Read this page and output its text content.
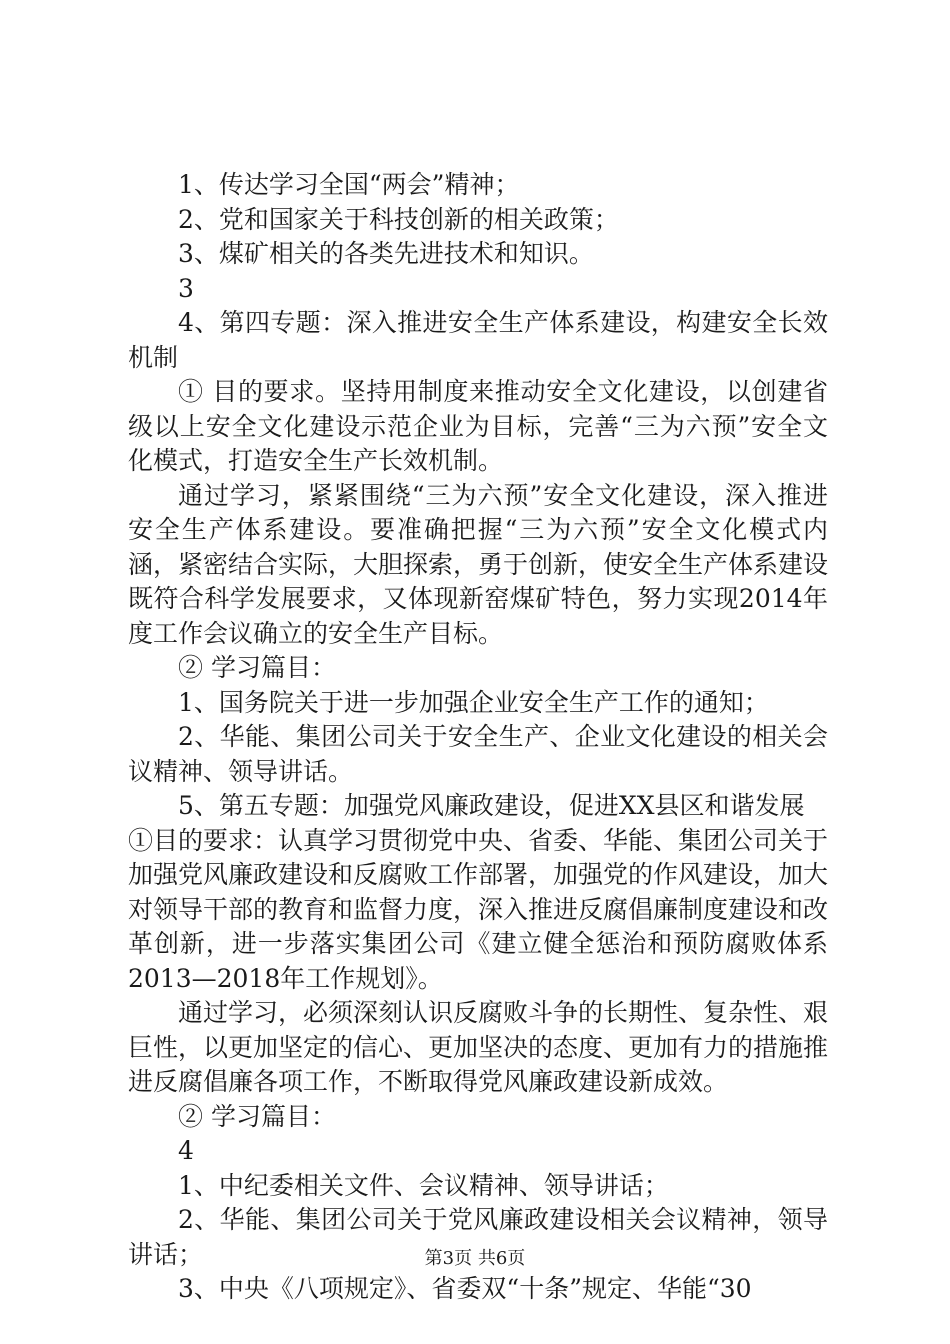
1、传达学习全国“两会”精神；

2、党和国家关于科技创新的相关政策；

3、煤矿相关的各类先进技术和知识。

3

4、第四专题：深入推进安全生产体系建设，构建安全长效机制

① 目的要求。坚持用制度来推动安全文化建设，以创建省级以上安全文化建设示范企业为目标，完善“三为六预”安全文化模式，打造安全生产长效机制。

通过学习，紧紧围绕“三为六预”安全文化建设，深入推进安全生产体系建设。要准确把握“三为六预”安全文化模式内涵，紧密结合实际，大胆探索，勇于创新，使安全生产体系建设既符合科学发展要求，又体现新窑煤矿特色，努力实现2014年度工作会议确立的安全生产目标。

② 学习篇目：

1、国务院关于进一步加强企业安全生产工作的通知；

2、华能、集团公司关于安全生产、企业文化建设的相关会议精神、领导讲话。

5、第五专题：加强党风廉政建设，促进XX县区和谐发展

①目的要求：认真学习贯彻党中央、省委、华能、集团公司关于加强党风廉政建设和反腐败工作部署，加强党的作风建设，加大对领导干部的教育和监督力度，深入推进反腐倡廉制度建设和改革创新，进一步落实集团公司《建立健全惩治和预防腐败体系2013—2018年工作规划》。

通过学习，必须深刻认识反腐败斗争的长期性、复杂性、艰巨性，以更加坚定的信心、更加坚决的态度、更加有力的措施推进反腐倡廉各项工作，不断取得党风廉政建设新成效。

② 学习篇目：

4

1、中纪委相关文件、会议精神、领导讲话；

2、华能、集团公司关于党风廉政建设相关会议精神，领导讲话；

3、中央《八项规定》、省委双“十条”规定、华能“30

第3页 共6页
